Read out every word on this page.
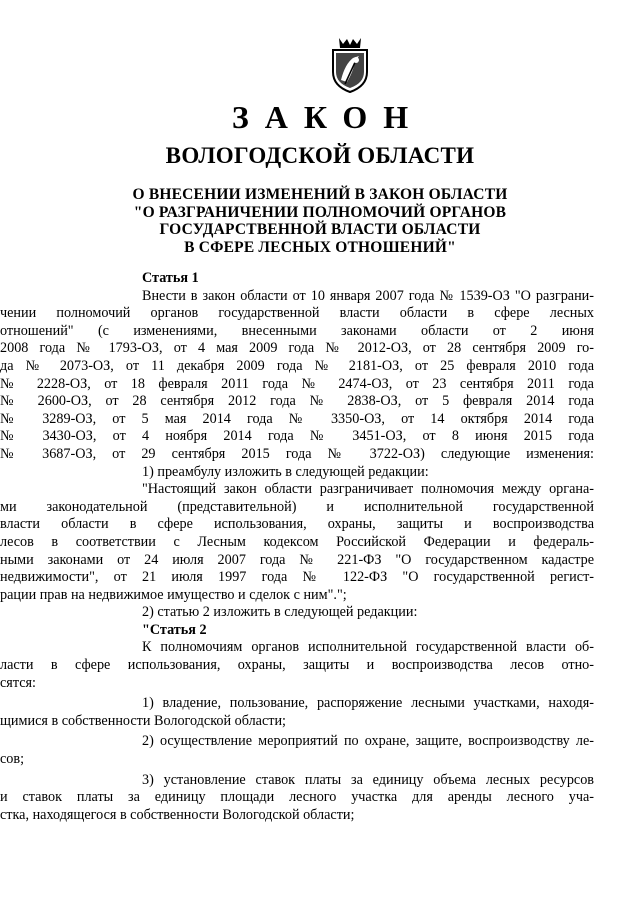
ЗАКОН
ВОЛОГОДСКОЙ ОБЛАСТИ
О ВНЕСЕНИИ ИЗМЕНЕНИЙ В ЗАКОН ОБЛАСТИ
"О РАЗГРАНИЧЕНИИ ПОЛНОМОЧИЙ ОРГАНОВ
ГОСУДАРСТВЕННОЙ ВЛАСТИ ОБЛАСТИ
В СФЕРЕ ЛЕСНЫХ ОТНОШЕНИЙ"
Статья 1
Внести в закон области от 10 января 2007 года № 1539-ОЗ "О разграни-
чении полномочий органов государственной власти области в сфере лесных
отношений" (с изменениями, внесенными законами области от 2 июня
2008 года № 1793-ОЗ, от 4 мая 2009 года № 2012-ОЗ, от 28 сентября 2009 го-
да № 2073-ОЗ, от 11 декабря 2009 года № 2181-ОЗ, от 25 февраля 2010 года
№ 2228-ОЗ, от 18 февраля 2011 года № 2474-ОЗ, от 23 сентября 2011 года
№ 2600-ОЗ, от 28 сентября 2012 года № 2838-ОЗ, от 5 февраля 2014 года
№ 3289-ОЗ, от 5 мая 2014 года № 3350-ОЗ, от 14 октября 2014 года
№ 3430-ОЗ, от 4 ноября 2014 года № 3451-ОЗ, от 8 июня 2015 года
№ 3687-ОЗ, от 29 сентября 2015 года № 3722-ОЗ) следующие изменения:
1) преамбулу изложить в следующей редакции:
"Настоящий закон области разграничивает полномочия между органа-
ми законодательной (представительной) и исполнительной государственной
власти области в сфере использования, охраны, защиты и воспроизводства
лесов в соответствии с Лесным кодексом Российской Федерации и федераль-
ными законами от 24 июля 2007 года № 221-ФЗ "О государственном кадастре
недвижимости", от 21 июля 1997 года № 122-ФЗ "О государственной регист-
рации прав на недвижимое имущество и сделок с ним".";
2) статью 2 изложить в следующей редакции:
"Статья 2
К полномочиям органов исполнительной государственной власти об-
ласти в сфере использования, охраны, защиты и воспроизводства лесов отно-
сятся:
1) владение, пользование, распоряжение лесными участками, находя-
щимися в собственности Вологодской области;
2) осуществление мероприятий по охране, защите, воспроизводству ле-
сов;
3) установление ставок платы за единицу объема лесных ресурсов
и ставок платы за единицу площади лесного участка для аренды лесного уча-
стка, находящегося в собственности Вологодской области;
